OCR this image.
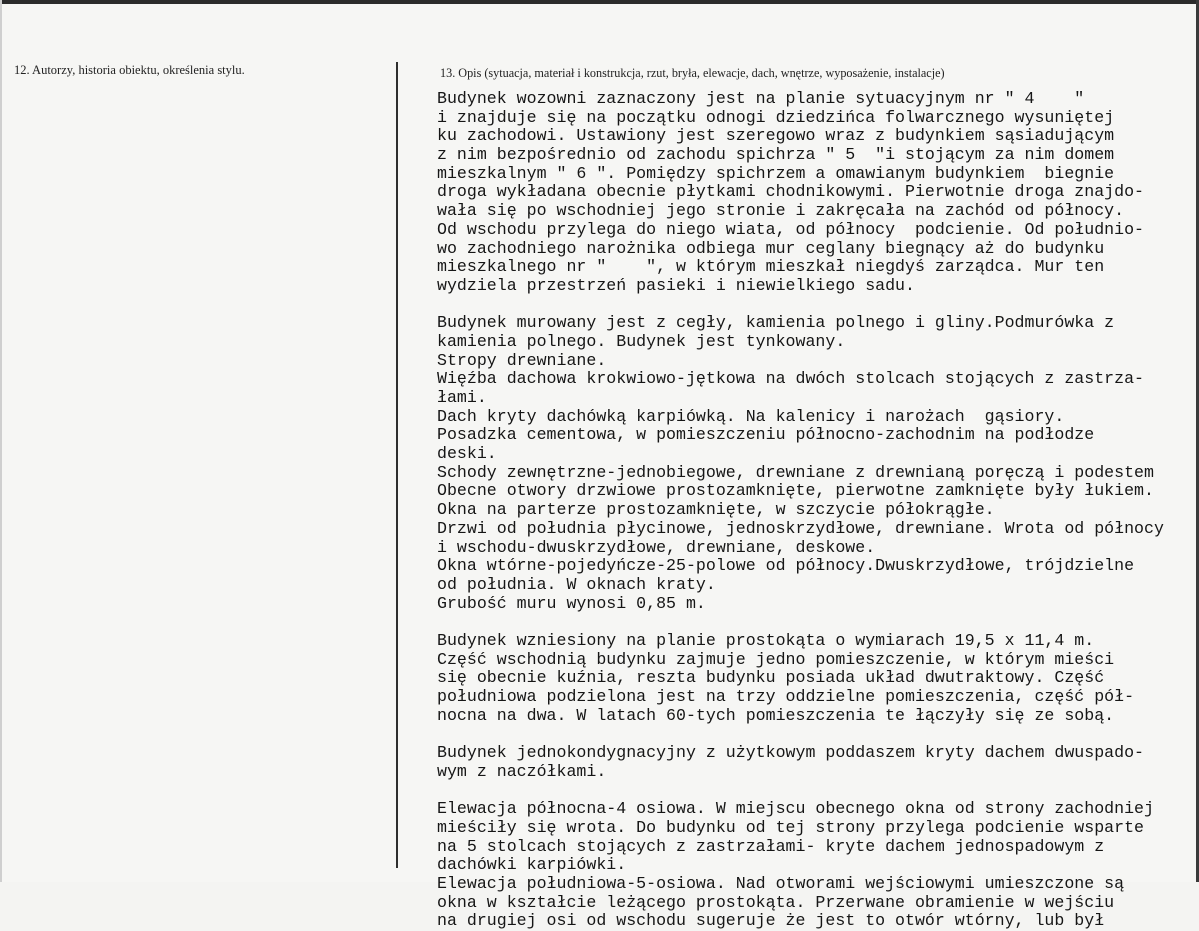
12. Autorzy, historia obiektu, określenia stylu.	13. Opis (sytuacja, materiał i konstrukcja, rzut, bryła, elewacje, dach, wnętrze, wyposażenie, instalacje)
Budynek wozowni zaznaczony jest na planie sytuacyjnym nr " 4    "
i znajduje się na początku odnogi dziedzińca folwarcznego wysuniętej
ku zachodowi. Ustawiony jest szeregowo wraz z budynkiem sąsiadującym
z nim bezpośrednio od zachodu spichrza " 5  "i stojącym za nim domem
mieszkalnym " 6 ". Pomiędzy spichrzem a omawianym budynkiem  biegnie
droga wykładana obecnie płytkami chodnikowymi. Pierwotnie droga znajdo-
wała się po wschodniej jego stronie i zakręcała na zachód od północy.
Od wschodu przylega do niego wiata, od północy  podcienie. Od południo-
wo zachodniego narożnika odbiega mur ceglany biegnący aż do budynku
mieszkalnego nr "    ", w którym mieszkał niegdyś zarządca. Mur ten
wydziela przestrzeń pasieki i niewielkiego sadu.
Budynek murowany jest z cegły, kamienia polnego i gliny.Podmurówka z
kamienia polnego. Budynek jest tynkowany.
Stropy drewniane.
Więźba dachowa krokwiowo-jętkowa na dwóch stolcach stojących z zastrza-
łami.
Dach kryty dachówką karpiówką. Na kalenicy i narożach  gąsiory.
Posadzka cementowa, w pomieszczeniu północno-zachodnim na podłodze
deski.
Schody zewnętrzne-jednobiegowe, drewniane z drewnianą poręczą i podestem
Obecne otwory drzwiowe prostozamknięte, pierwotne zamknięte były łukiem.
Okna na parterze prostozamknięte, w szczycie półokrągłe.
Drzwi od południa płycinowe, jednoskrzydłowe, drewniane. Wrota od północy
i wschodu-dwuskrzydłowe, drewniane, deskowe.
Okna wtórne-pojedyńcze-25-polowe od północy.Dwuskrzydłowe, trójdzielne
od południa. W oknach kraty.
Grubość muru wynosi 0,85 m.
Budynek wzniesiony na planie prostokąta o wymiarach 19,5 x 11,4 m.
Część wschodnią budynku zajmuje jedno pomieszczenie, w którym mieści
się obecnie kuźnia, reszta budynku posiada układ dwutraktowy. Część
południowa podzielona jest na trzy oddzielne pomieszczenia, część pół-
nocna na dwa. W latach 60-tych pomieszczenia te łączyły się ze sobą.
Budynek jednokondygnacyjny z użytkowym poddaszem kryty dachem dwuspado-
wym z naczółkami.
Elewacja północna-4 osiowa. W miejscu obecnego okna od strony zachodniej
mieściły się wrota. Do budynku od tej strony przylega podcienie wsparte
na 5 stolcach stojących z zastrzałami- kryte dachem jednospadowym z
dachówki karpiówki.
Elewacja południowa-5-osiowa. Nad otworami wejściowymi umieszczone są
okna w kształcie leżącego prostokąta. Przerwane obramienie w wejściu
na drugiej osi od wschodu sugeruje że jest to otwór wtórny, lub był
